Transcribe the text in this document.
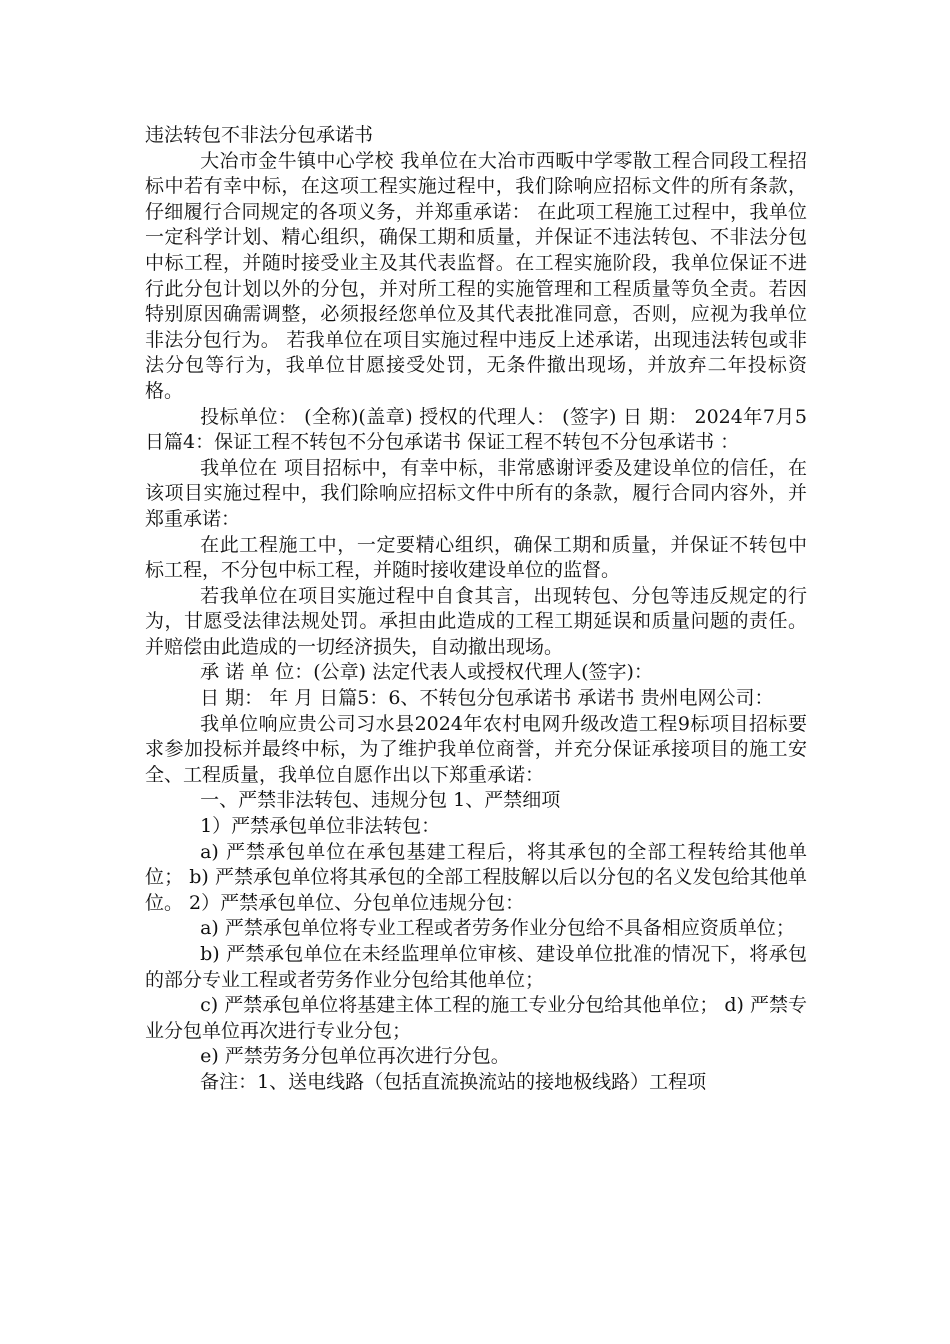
违法转包不非法分包承诺书

大冶市金牛镇中心学校 我单位在大冶市西畈中学零散工程合同段工程招标中若有幸中标，在这项工程实施过程中，我们除响应招标文件的所有条款，仔细履行合同规定的各项义务，并郑重承诺： 在此项工程施工过程中，我单位一定科学计划、精心组织，确保工期和质量，并保证不违法转包、不非法分包中标工程，并随时接受业主及其代表监督。在工程实施阶段，我单位保证不进行此分包计划以外的分包，并对所工程的实施管理和工程质量等负全责。若因特别原因确需调整，必须报经您单位及其代表批准同意，否则，应视为我单位非法分包行为。 若我单位在项目实施过程中违反上述承诺，出现违法转包或非法分包等行为，我单位甘愿接受处罚，无条件撤出现场，并放弃二年投标资格。

投标单位： (全称)(盖章) 授权的代理人： (签字) 日 期： 2024年7月5日篇4：保证工程不转包不分包承诺书 保证工程不转包不分包承诺书 ：

我单位在 项目招标中，有幸中标，非常感谢评委及建设单位的信任，在该项目实施过程中，我们除响应招标文件中所有的条款，履行合同内容外，并郑重承诺：

在此工程施工中，一定要精心组织，确保工期和质量，并保证不转包中标工程，不分包中标工程，并随时接收建设单位的监督。

若我单位在项目实施过程中自食其言，出现转包、分包等违反规定的行为，甘愿受法律法规处罚。承担由此造成的工程工期延误和质量问题的责任。并赔偿由此造成的一切经济损失，自动撤出现场。

承 诺 单 位：(公章) 法定代表人或授权代理人(签字)：

日 期： 年 月 日篇5：6、不转包分包承诺书 承诺书 贵州电网公司：

我单位响应贵公司习水县2024年农村电网升级改造工程9标项目招标要求参加投标并最终中标，为了维护我单位商誉，并充分保证承接项目的施工安全、工程质量，我单位自愿作出以下郑重承诺：

一、严禁非法转包、违规分包 1、严禁细项

1）严禁承包单位非法转包：

a) 严禁承包单位在承包基建工程后，将其承包的全部工程转给其他单位； b) 严禁承包单位将其承包的全部工程肢解以后以分包的名义发包给其他单位。 2）严禁承包单位、分包单位违规分包：

a) 严禁承包单位将专业工程或者劳务作业分包给不具备相应资质单位；

b) 严禁承包单位在未经监理单位审核、建设单位批准的情况下，将承包的部分专业工程或者劳务作业分包给其他单位；

c) 严禁承包单位将基建主体工程的施工专业分包给其他单位； d) 严禁专业分包单位再次进行专业分包；

e) 严禁劳务分包单位再次进行分包。

备注：1、送电线路（包括直流换流站的接地极线路）工程项
